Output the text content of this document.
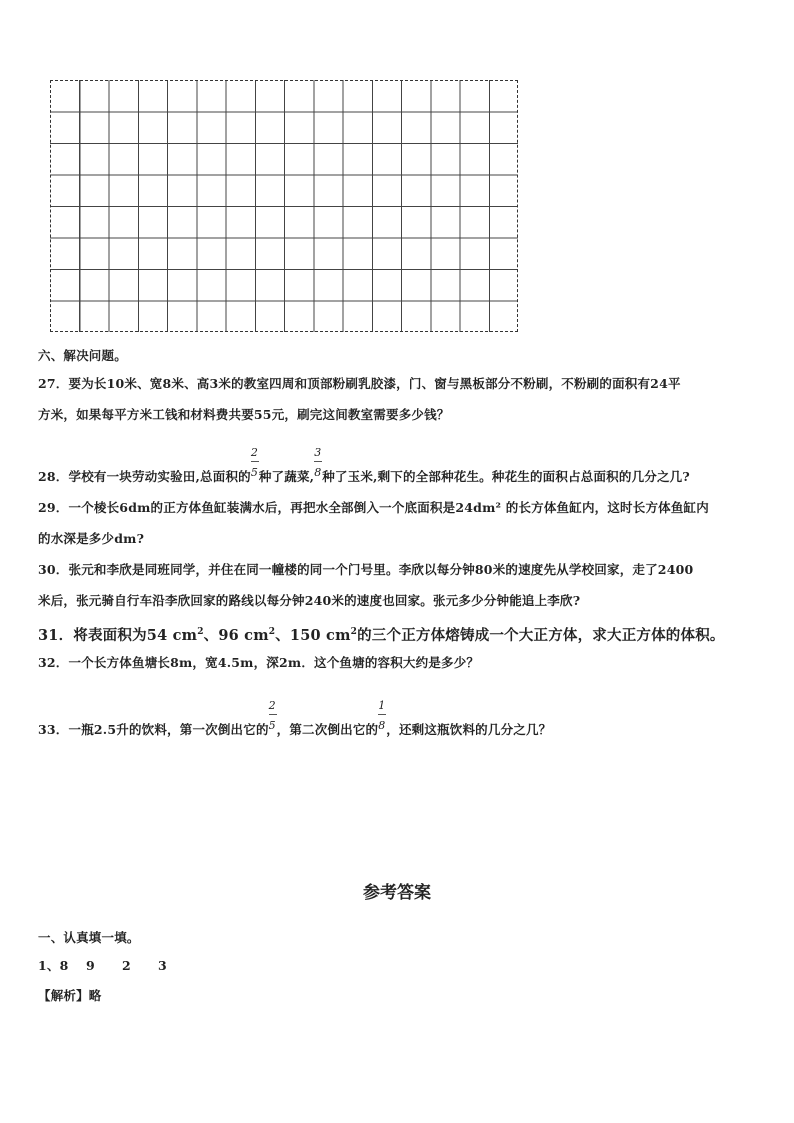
六、解决问题。
27．要为长10米、宽8米、高3米的教室四周和顶部粉刷乳胶漆，门、窗与黑板部分不粉刷，不粉刷的面积有24平
方米，如果每平方米工钱和材料费共要55元，刷完这间教室需要多少钱？
28．学校有一块劳动实验田,总面积的 $\frac{2}{5}$ 种了蔬菜, $\frac{3}{8}$ 种了玉米,剩下的全部种花生。种花生的面积占总面积的几分之几?
29．一个棱长6dm的正方体鱼缸装满水后，再把水全部倒入一个底面积是24dm² 的长方体鱼缸内，这时长方体鱼缸内
的水深是多少dm?
30．张元和李欣是同班同学，并住在同一幢楼的同一个门号里。李欣以每分钟80米的速度先从学校回家，走了2400
米后，张元骑自行车沿李欣回家的路线以每分钟240米的速度也回家。张元多少分钟能追上李欣?
31．将表面积为54 $cm^2$、96 $cm^2$、150 $cm^2$的三个正方体熔铸成一个大正方体，求大正方体的体积。
32．一个长方体鱼塘长8m，宽4.5m，深2m．这个鱼塘的容积大约是多少？
33．一瓶2.5升的饮料，第一次倒出它的 $\frac{2}{5}$ ，第二次倒出它的 $\frac{1}{8}$ ，还剩这瓶饮料的几分之几？
参考答案
一、认真填一填。
1、8 9 2 3
【解析】略
